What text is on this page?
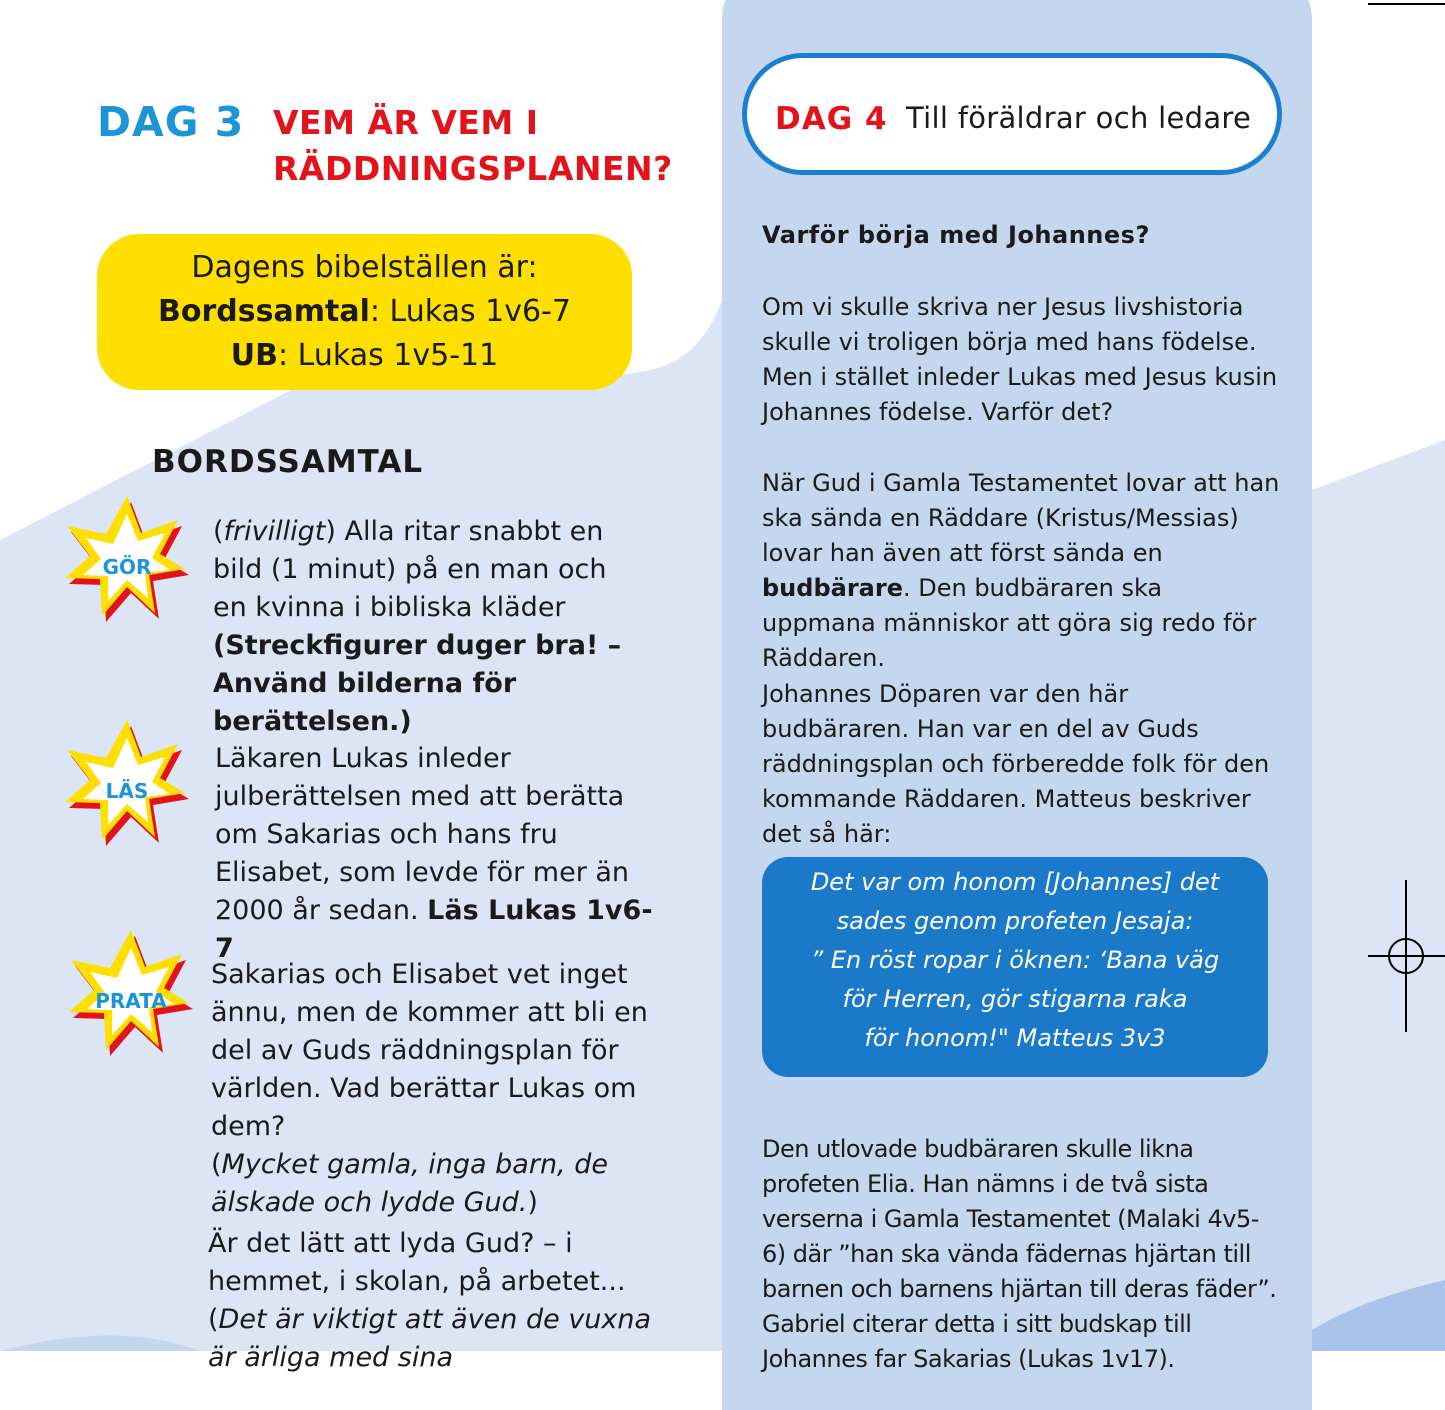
DAG 3 VEM ÄR VEM I
RÄDDNINGSPLANEN?
Dagens bibelställen är:
Bordssamtal: Lukas 1v6-7
UB: Lukas 1v5-11
BORDSSAMTAL
GÖR
LÄS
PRATA
(frivilligt) Alla ritar snabbt en bild (1 minut) på en man och en kvinna i bibliska kläder (Streckfigurer duger bra! – Använd bilderna för berättelsen.)
Läkaren Lukas inleder julberättelsen med att berätta om Sakarias och hans fru Elisabet, som levde för mer än 2000 år sedan. Läs Lukas 1v6-7
Sakarias och Elisabet vet inget ännu, men de kommer att bli en del av Guds räddningsplan för världen. Vad berättar Lukas om dem?
(Mycket gamla, inga barn, de älskade och lydde Gud.)
Är det lätt att lyda Gud? – i hemmet, i skolan, på arbetet... (Det är viktigt att även de vuxna är ärliga med sina
DAG 4 Till föräldrar och ledare
Varför börja med Johannes?
Om vi skulle skriva ner Jesus livshistoria skulle vi troligen börja med hans födelse. Men i stället inleder Lukas med Jesus kusin Johannes födelse. Varför det?
När Gud i Gamla Testamentet lovar att han ska sända en Räddare (Kristus/Messias) lovar han även att först sända en budbärare. Den budbäraren ska uppmana människor att göra sig redo för Räddaren.
Johannes Döparen var den här budbäraren. Han var en del av Guds räddningsplan och förberedde folk för den kommande Räddaren. Matteus beskriver det så här:
Det var om honom [Johannes] det
sades genom profeten Jesaja:
” En röst ropar i öknen: ‘Bana väg
för Herren, gör stigarna raka
för honom!" Matteus 3v3
Den utlovade budbäraren skulle likna profeten Elia. Han nämns i de två sista verserna i Gamla Testamentet (Malaki 4v5-6) där ”han ska vända fädernas hjärtan till barnen och barnens hjärtan till deras fäder”. Gabriel citerar detta i sitt budskap till Johannes far Sakarias (Lukas 1v17).
